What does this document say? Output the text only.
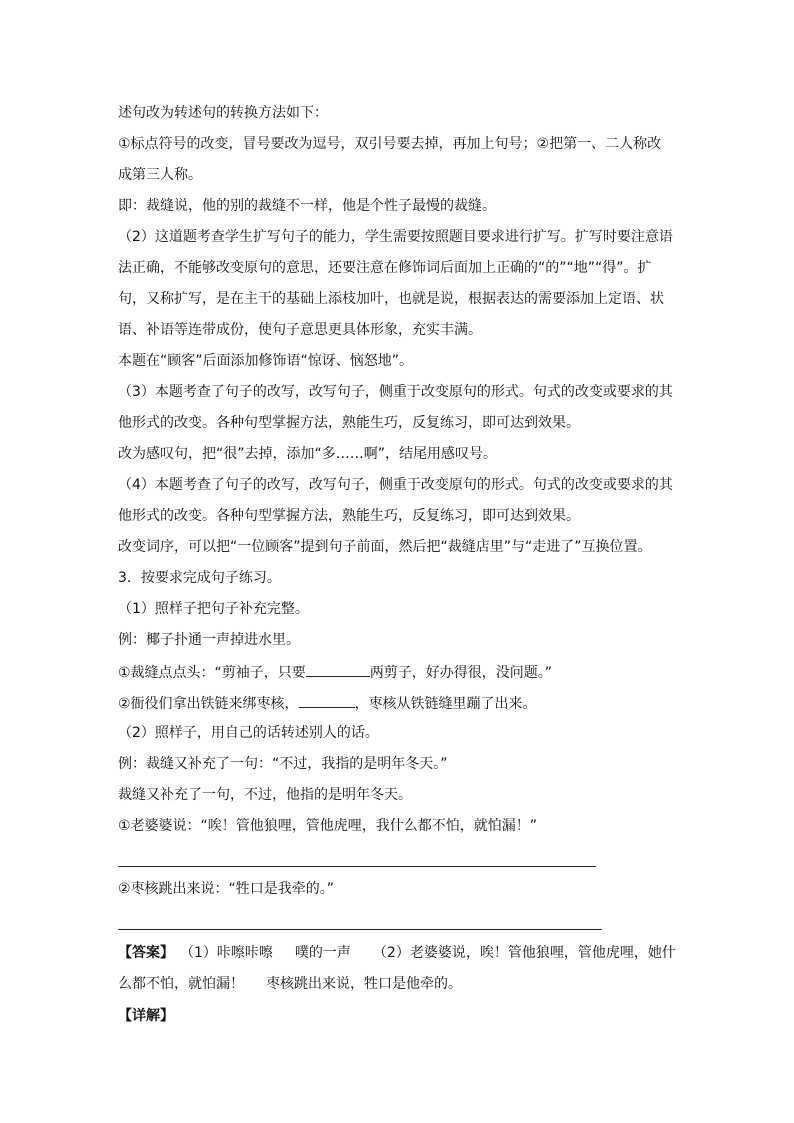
述句改为转述句的转换方法如下：
①标点符号的改变，冒号要改为逗号，双引号要去掉，再加上句号；②把第一、二人称改
成第三人称。
即：裁缝说，他的别的裁缝不一样，他是个性子最慢的裁缝。
（2）这道题考查学生扩写句子的能力，学生需要按照题目要求进行扩写。扩写时要注意语
法正确，不能够改变原句的意思，还要注意在修饰词后面加上正确的“的”“地”“得”。扩
句，又称扩写，是在主干的基础上添枝加叶，也就是说，根据表达的需要添加上定语、状
语、补语等连带成份，使句子意思更具体形象，充实丰满。
本题在“顾客”后面添加修饰语“惊讶、恼怒地”。
（3）本题考查了句子的改写，改写句子，侧重于改变原句的形式。句式的改变或要求的其
他形式的改变。各种句型掌握方法，熟能生巧，反复练习，即可达到效果。
改为感叹句，把“很”去掉，添加“多……啊”，结尾用感叹号。
（4）本题考查了句子的改写，改写句子，侧重于改变原句的形式。句式的改变或要求的其
他形式的改变。各种句型掌握方法，熟能生巧，反复练习，即可达到效果。
改变词序，可以把“一位顾客”提到句子前面，然后把“裁缝店里”与“走进了”互换位置。
3．按要求完成句子练习。
（1）照样子把句子补充完整。
例：椰子扑通一声掉进水里。
①裁缝点点头：“剪袖子，只要	两剪子，好办得很，没问题。”
②衙役们拿出铁链来绑枣核，	，枣核从铁链缝里蹦了出来。
（2）照样子，用自己的话转述别人的话。
例：裁缝又补充了一句：“不过，我指的是明年冬天。”
裁缝又补充了一句，不过，他指的是明年冬天。
①老婆婆说：“唉！管他狼哩，管他虎哩，我什么都不怕，就怕漏！”
②枣核跳出来说：“牲口是我牵的。”
【答案】 （1）咔嚓咔嚓 噗的一声 （2）老婆婆说，唉！管他狼哩，管他虎哩，她什
么都不怕，就怕漏！ 枣核跳出来说，牲口是他牵的。
【详解】
